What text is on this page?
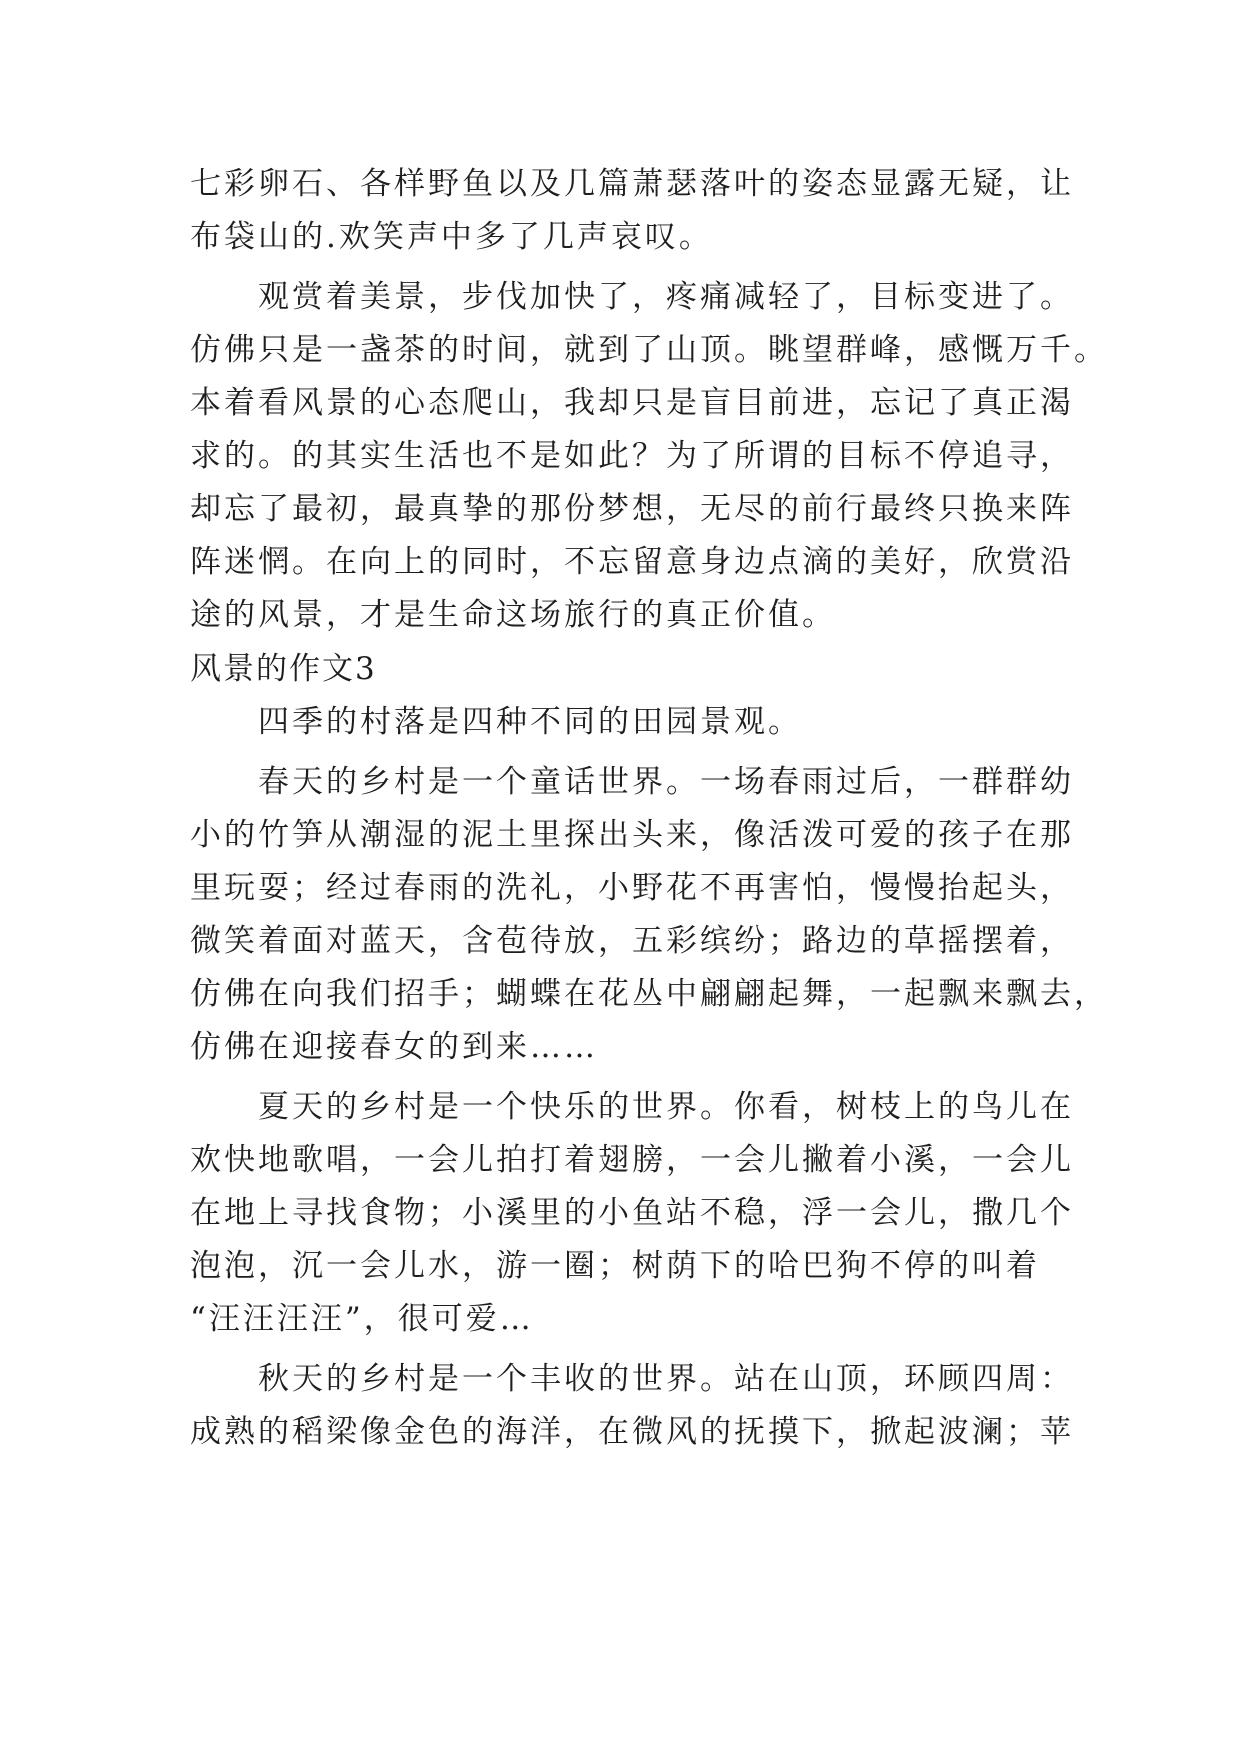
七彩卵石、各样野鱼以及几篇萧瑟落叶的姿态显露无疑，让
布袋山的.欢笑声中多了几声哀叹。
观赏着美景，步伐加快了，疼痛减轻了，目标变进了。
仿佛只是一盏茶的时间，就到了山顶。眺望群峰，感慨万千。
本着看风景的心态爬山，我却只是盲目前进，忘记了真正渴
求的。的其实生活也不是如此？为了所谓的目标不停追寻，
却忘了最初，最真挚的那份梦想，无尽的前行最终只换来阵
阵迷惘。在向上的同时，不忘留意身边点滴的美好，欣赏沿
途的风景，才是生命这场旅行的真正价值。
风景的作文3
四季的村落是四种不同的田园景观。
春天的乡村是一个童话世界。一场春雨过后，一群群幼
小的竹笋从潮湿的泥土里探出头来，像活泼可爱的孩子在那
里玩耍；经过春雨的洗礼，小野花不再害怕，慢慢抬起头，
微笑着面对蓝天，含苞待放，五彩缤纷；路边的草摇摆着，
仿佛在向我们招手；蝴蝶在花丛中翩翩起舞，一起飘来飘去，
仿佛在迎接春女的到来……
夏天的乡村是一个快乐的世界。你看，树枝上的鸟儿在
欢快地歌唱，一会儿拍打着翅膀，一会儿撇着小溪，一会儿
在地上寻找食物；小溪里的小鱼站不稳，浮一会儿，撒几个
泡泡，沉一会儿水，游一圈；树荫下的哈巴狗不停的叫着
“汪汪汪汪”，很可爱…
秋天的乡村是一个丰收的世界。站在山顶，环顾四周：
成熟的稻梁像金色的海洋，在微风的抚摸下，掀起波澜；苹
